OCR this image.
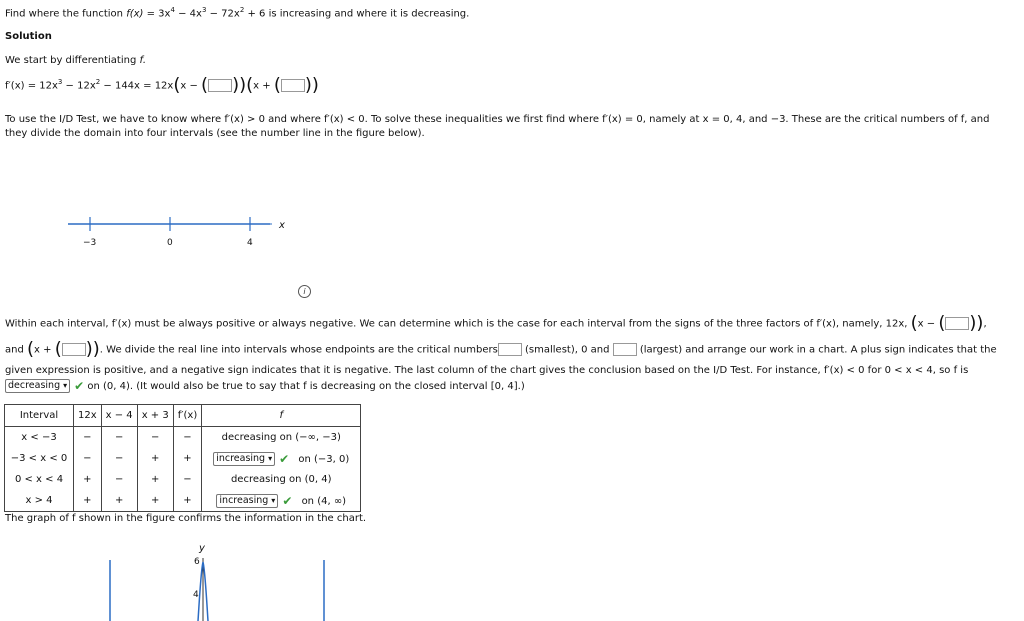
Find where the function $f(x) = 3x^4 - 4x^3 - 72x^2 + 6$ is increasing and where it is decreasing.
Solution
We start by differentiating f.
$f'(x) = 12x^3 - 12x^2 - 144x = 12x(x$ − ( ))(x + ( ))
To use the I/D Test, we have to know where f′(x) > 0 and where f′(x) < 0. To solve these inequalities we first find where f′(x) = 0, namely at x = 0, 4, and −3. These are the critical numbers of f, and
they divide the domain into four intervals (see the number line in the figure below).
−3	0	4
x
i
Within each interval, f′(x) must be always positive or always negative. We can determine which is the case for each interval from the signs of the three factors of f′(x), namely, 12x, (x − ( )),
and (x + ( )). We divide the real line into intervals whose endpoints are the critical numbers (smallest), 0 and  (largest) and arrange our work in a chart. A plus sign indicates that the
given expression is positive, and a negative sign indicates that it is negative. The last column of the chart gives the conclusion based on the I/D Test. For instance, f′(x) < 0 for 0 < x < 4, so f is
decreasing ▾ ✔ on (0, 4). (It would also be true to say that f is decreasing on the closed interval [0, 4].)
Interval	12x	x − 4	x + 3	f′(x)	f
x < −3	−	−	−	−	decreasing on (−∞, −3)
−3 < x < 0	−	−	+	+	increasing ▾ ✔ on (−3, 0)
0 < x < 4	+	−	+	−	decreasing on (0, 4)
x > 4	+	+	+	+	increasing ▾ ✔ on (4, ∞)
The graph of f shown in the figure confirms the information in the chart.
y
6
4
